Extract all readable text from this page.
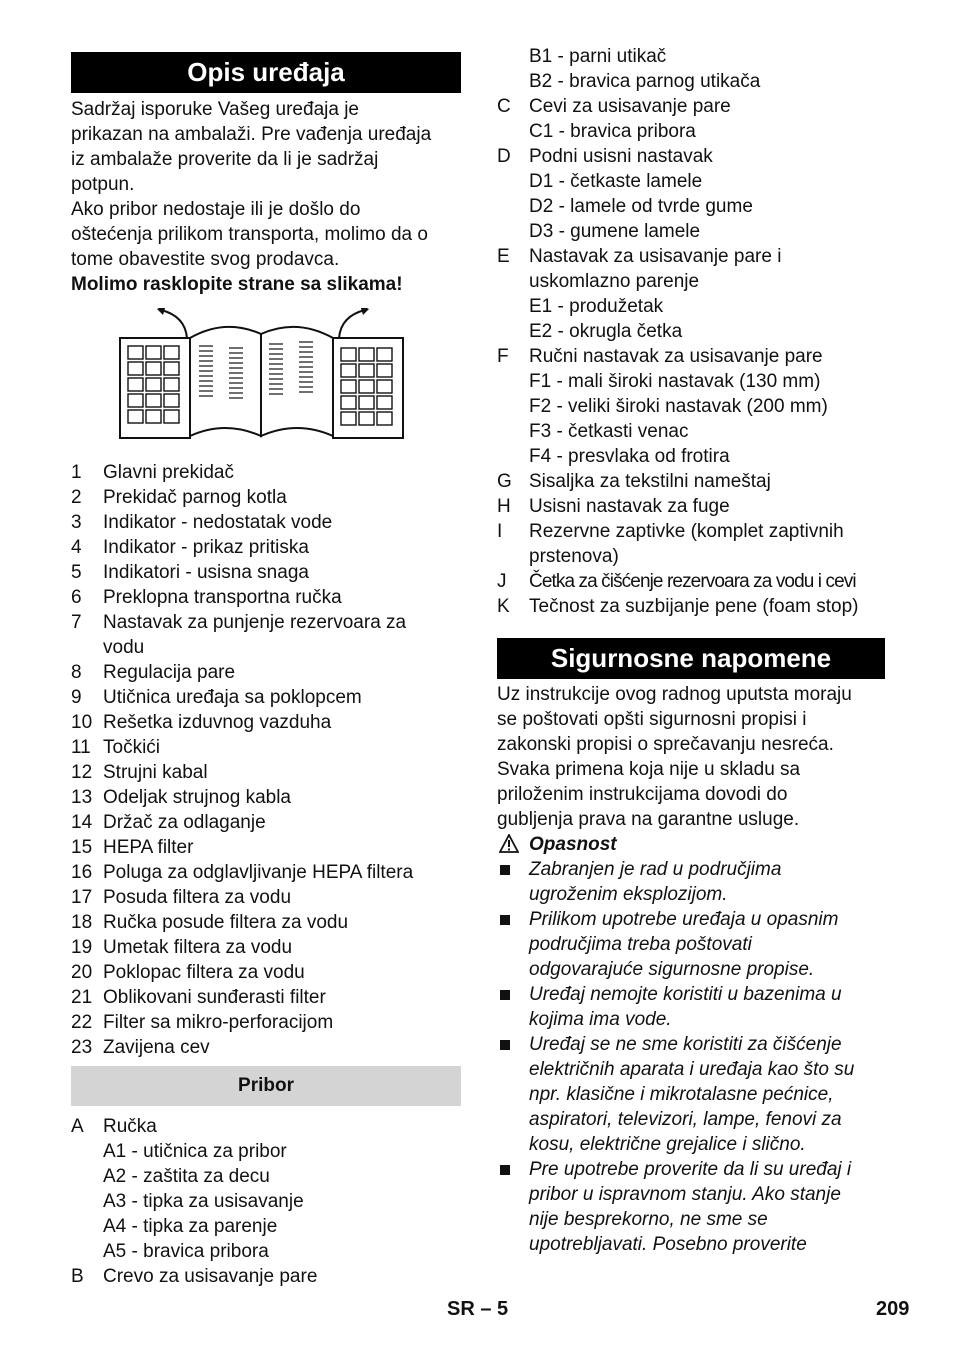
Opis uređaja
Sadržaj isporuke Vašeg uređaja je
prikazan na ambalaži. Pre vađenja uređaja
iz ambalaže proverite da li je sadržaj
potpun.
Ako pribor nedostaje ili je došlo do
oštećenja prilikom transporta, molimo da o
tome obavestite svog prodavca.
Molimo rasklopite strane sa slikama!
1 Glavni prekidač
2 Prekidač parnog kotla
3 Indikator - nedostatak vode
4 Indikator - prikaz pritiska
5 Indikatori - usisna snaga
6 Preklopna transportna ručka
7 Nastavak za punjenje rezervoara za
vodu
8 Regulacija pare
9 Utičnica uređaja sa poklopcem
10 Rešetka izduvnog vazduha
11 Točkići
12 Strujni kabal
13 Odeljak strujnog kabla
14 Držač za odlaganje
15 HEPA filter
16 Poluga za odglavljivanje HEPA filtera
17 Posuda filtera za vodu
18 Ručka posude filtera za vodu
19 Umetak filtera za vodu
20 Poklopac filtera za vodu
21 Oblikovani sunđerasti filter
22 Filter sa mikro-perforacijom
23 Zavijena cev
Pribor
A Ručka
A1 - utičnica za pribor
A2 - zaštita za decu
A3 - tipka za usisavanje
A4 - tipka za parenje
A5 - bravica pribora
B Crevo za usisavanje pare
B1 - parni utikač
B2 - bravica parnog utikača
C Cevi za usisavanje pare
C1 - bravica pribora
D Podni usisni nastavak
D1 - četkaste lamele
D2 - lamele od tvrde gume
D3 - gumene lamele
E Nastavak za usisavanje pare i
uskomlazno parenje
E1 - produžetak
E2 - okrugla četka
F Ručni nastavak za usisavanje pare
F1 - mali široki nastavak (130 mm)
F2 - veliki široki nastavak (200 mm)
F3 - četkasti venac
F4 - presvlaka od frotira
G Sisaljka za tekstilni nameštaj
H Usisni nastavak za fuge
I Rezervne zaptivke (komplet zaptivnih
prstenova)
J Četka za čišćenje rezervoara za vodu i cevi
K Tečnost za suzbijanje pene (foam stop)
Sigurnosne napomene
Uz instrukcije ovog radnog uputsta moraju
se poštovati opšti sigurnosni propisi i
zakonski propisi o sprečavanju nesreća.
Svaka primena koja nije u skladu sa
priloženim instrukcijama dovodi do
gubljenja prava na garantne usluge.
Opasnost
Zabranjen je rad u područjima
ugroženim eksplozijom.
Prilikom upotrebe uređaja u opasnim
područjima treba poštovati
odgovarajuće sigurnosne propise.
Uređaj nemojte koristiti u bazenima u
kojima ima vode.
Uređaj se ne sme koristiti za čišćenje
električnih aparata i uređaja kao što su
npr. klasične i mikrotalasne pećnice,
aspiratori, televizori, lampe, fenovi za
kosu, električne grejalice i slično.
Pre upotrebe proverite da li su uređaj i
pribor u ispravnom stanju. Ako stanje
nije besprekorno, ne sme se
upotrebljavati. Posebno proverite
SR – 5	209
